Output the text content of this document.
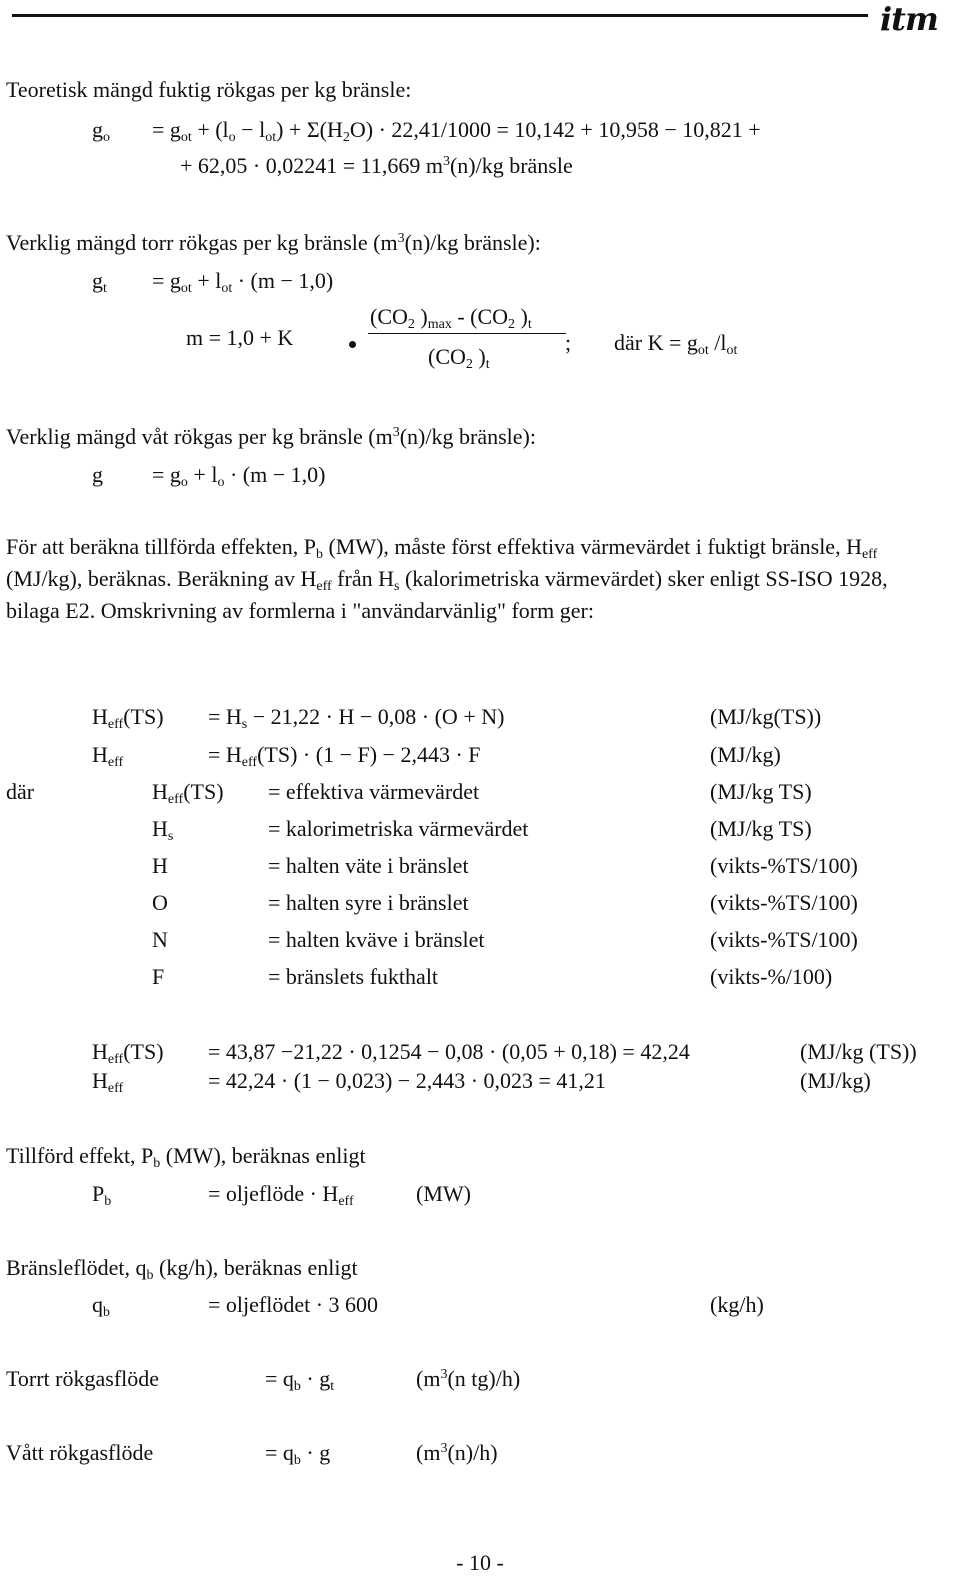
itm
Teoretisk mängd fuktig rökgas per kg bränsle:
$g_o = g_{ot} + (l_o - l_{ot}) + \Sigma(H_2O) \cdot 22,41/1000 = 10,142 + 10,958 - 10,821$ +
+ 62,05 · 0,02241 = 11,669 $m^3(n)/kg$ bränsle
Verklig mängd torr rökgas per kg bränsle ($m^3(n)/kg$ bränsle):
$g_t = g_{ot} + l_{ot} \cdot (m - 1,0)$
m = 1,0 + K
($CO_2$ )$_{max} - (CO_2$ )$_t$
($CO_2$ )$_t$
; där $K = g_{ot}$ $/l_{ot}$
Verklig mängd våt rökgas per kg bränsle ($m^3(n)/kg$ bränsle):
$g = g_o + l_o \cdot (m - 1,0)$
För att beräkna tillförda effekten, $P_b$ (MW), måste först effektiva värmevärdet i fuktigt bränsle, $H_{eff}$ (MJ/kg), beräknas. Beräkning av $H_{eff}$ från $H_s$ (kalorimetriska värmevärdet) sker enligt SS-ISO 1928, bilaga E2. Omskrivning av formlerna i "användarvänlig" form ger:
$H_{eff}(TS) = H_s - 21,22 \cdot H - 0,08 \cdot (O + N)$	(MJ/kg(TS))
$H_{eff}$	= $H_{eff}(TS) \cdot (1 - F) - 2,443 \cdot F$	(MJ/kg)
där	$H_{eff}(TS)$ = effektiva värmevärdet	(MJ/kg TS)
$H_s$	= kalorimetriska värmevärdet	(MJ/kg TS)
H	= halten väte i bränslet	(vikts-%TS/100)
O	= halten syre i bränslet	(vikts-%TS/100)
N	= halten kväve i bränslet	(vikts-%TS/100)
F	= bränslets fukthalt	(vikts-%/100)
$H_{eff}(TS) = 43,87 -21,22 \cdot 0,1254 - 0,08 \cdot (0,05 + 0,18) = 42,24$	(MJ/kg (TS))
$H_{eff}$	= 42,24 · (1 − 0,023) − 2,443 · 0,023 = 41,21	(MJ/kg)
Tillförd effekt, $P_b$ (MW), beräknas enligt
$P_b$	= oljeflöde · $H_{eff}$	(MW)
Bränsleflödet, $q_b$ (kg/h), beräknas enligt
$q_b$	= oljeflödet · 3 600	(kg/h)
Torrt rökgasflöde	= $q_b \cdot g_t$	($m^3(n$ tg)/h)
Vått rökgasflöde	= $q_b \cdot g$	$(m^3(n)/h)$
- 10 -
